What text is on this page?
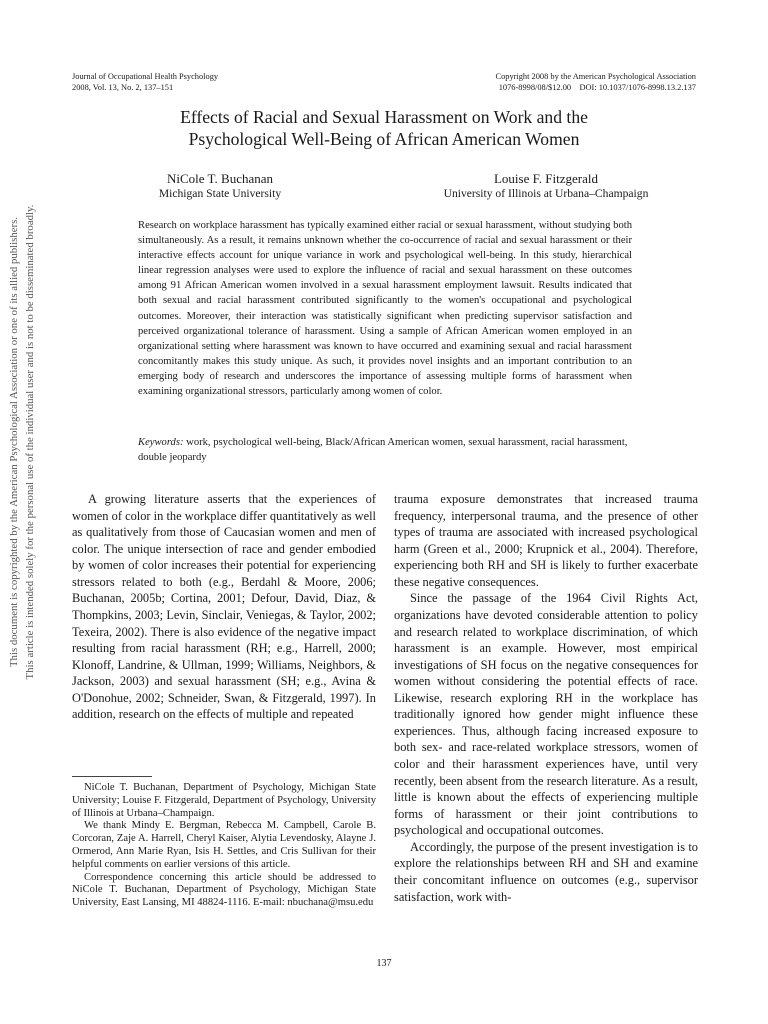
Journal of Occupational Health Psychology
2008, Vol. 13, No. 2, 137–151
Copyright 2008 by the American Psychological Association
1076-8998/08/$12.00    DOI: 10.1037/1076-8998.13.2.137
Effects of Racial and Sexual Harassment on Work and the
Psychological Well-Being of African American Women
NiCole T. Buchanan
Michigan State University
Louise F. Fitzgerald
University of Illinois at Urbana–Champaign

Research on workplace harassment has typically examined either racial or sexual harassment, without studying both simultaneously. As a result, it remains unknown whether the co-occurrence of racial and sexual harassment or their interactive effects account for unique variance in work and psychological well-being. In this study, hierarchical linear regression analyses were used to explore the influence of racial and sexual harassment on these outcomes among 91 African American women involved in a sexual harassment employment lawsuit. Results indicated that both sexual and racial harassment contributed significantly to the women's occupational and psychological outcomes. Moreover, their interaction was statistically significant when predicting supervisor satisfaction and perceived organizational tolerance of harassment. Using a sample of African American women employed in an organizational setting where harassment was known to have occurred and examining sexual and racial harassment concomitantly makes this study unique. As such, it provides novel insights and an important contribution to an emerging body of research and underscores the importance of assessing multiple forms of harassment when examining organizational stressors, particularly among women of color.

Keywords: work, psychological well-being, Black/African American women, sexual harassment, racial harassment, double jeopardy

A growing literature asserts that the experiences of women of color in the workplace differ quantitatively as well as qualitatively from those of Caucasian women and men of color. The unique intersection of race and gender embodied by women of color increases their potential for experiencing stressors related to both (e.g., Berdahl & Moore, 2006; Buchanan, 2005b; Cortina, 2001; Defour, David, Diaz, & Thompkins, 2003; Levin, Sinclair, Veniegas, & Taylor, 2002; Texeira, 2002). There is also evidence of the negative impact resulting from racial harassment (RH; e.g., Harrell, 2000; Klonoff, Landrine, & Ullman, 1999; Williams, Neighbors, & Jackson, 2003) and sexual harassment (SH; e.g., Avina & O'Donohue, 2002; Schneider, Swan, & Fitzgerald, 1997). In addition, research on the effects of multiple and repeated

NiCole T. Buchanan, Department of Psychology, Michigan State University; Louise F. Fitzgerald, Department of Psychology, University of Illinois at Urbana–Champaign.

We thank Mindy E. Bergman, Rebecca M. Campbell, Carole B. Corcoran, Zaje A. Harrell, Cheryl Kaiser, Alytia Levendosky, Alayne J. Ormerod, Ann Marie Ryan, Isis H. Settles, and Cris Sullivan for their helpful comments on earlier versions of this article.

Correspondence concerning this article should be addressed to NiCole T. Buchanan, Department of Psychology, Michigan State University, East Lansing, MI 48824-1116. E-mail: nbuchana@msu.edu

trauma exposure demonstrates that increased trauma frequency, interpersonal trauma, and the presence of other types of trauma are associated with increased psychological harm (Green et al., 2000; Krupnick et al., 2004). Therefore, experiencing both RH and SH is likely to further exacerbate these negative consequences.

Since the passage of the 1964 Civil Rights Act, organizations have devoted considerable attention to policy and research related to workplace discrimination, of which harassment is an example. However, most empirical investigations of SH focus on the negative consequences for women without considering the potential effects of race. Likewise, research exploring RH in the workplace has traditionally ignored how gender might influence these experiences. Thus, although facing increased exposure to both sex- and race-related workplace stressors, women of color and their harassment experiences have, until very recently, been absent from the research literature. As a result, little is known about the effects of experiencing multiple forms of harassment or their joint contributions to psychological and occupational outcomes.

Accordingly, the purpose of the present investigation is to explore the relationships between RH and SH and examine their concomitant influence on outcomes (e.g., supervisor satisfaction, work with-

This document is copyrighted by the American Psychological Association or one of its allied publishers. This article is intended solely for the personal use of the individual user and is not to be disseminated broadly.
137
